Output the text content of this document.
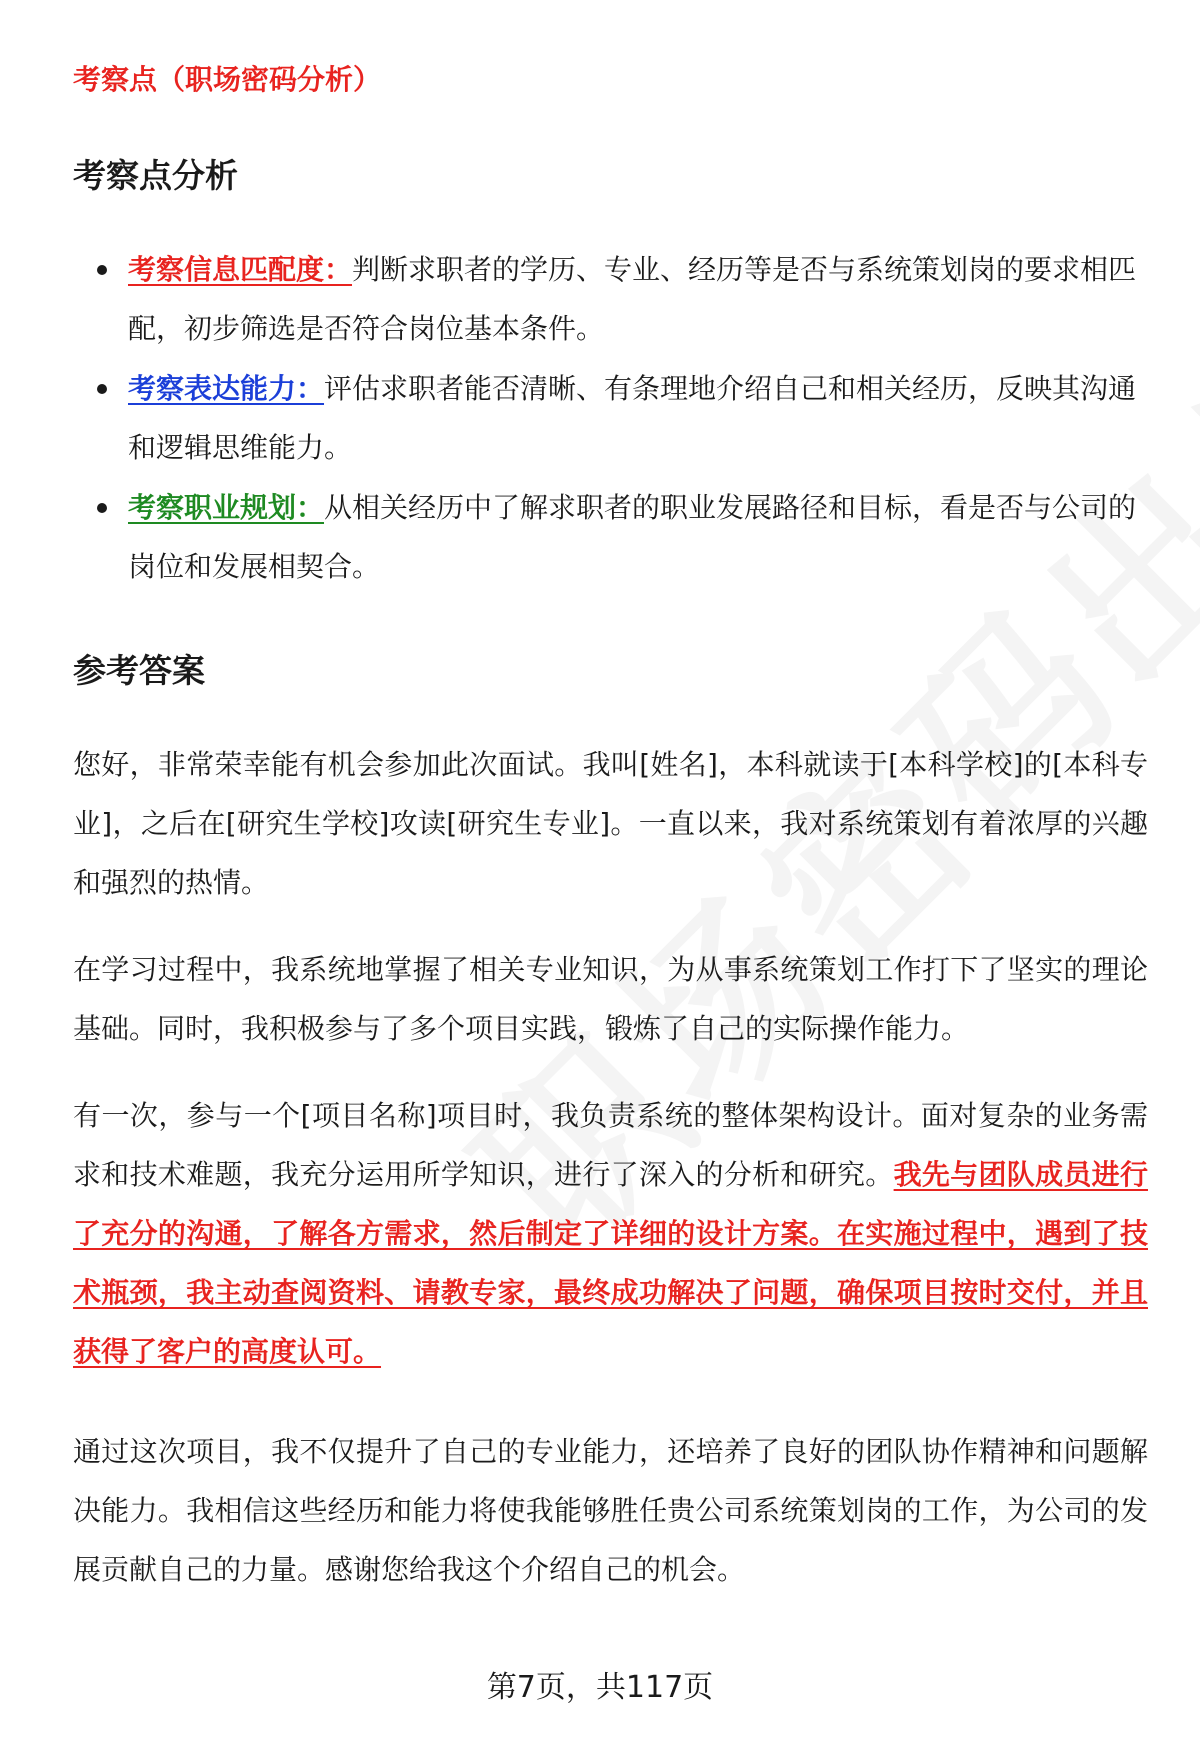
考察点（职场密码分析）
考察点分析
考察信息匹配度：判断求职者的学历、专业、经历等是否与系统策划岗的要求相匹配，初步筛选是否符合岗位基本条件。
考察表达能力：评估求职者能否清晰、有条理地介绍自己和相关经历，反映其沟通和逻辑思维能力。
考察职业规划：从相关经历中了解求职者的职业发展路径和目标，看是否与公司的岗位和发展相契合。
参考答案

您好，非常荣幸能有机会参加此次面试。我叫[姓名]，本科就读于[本科学校]的[本科专业]，之后在[研究生学校]攻读[研究生专业]。一直以来，我对系统策划有着浓厚的兴趣和强烈的热情。

在学习过程中，我系统地掌握了相关专业知识，为从事系统策划工作打下了坚实的理论基础。同时，我积极参与了多个项目实践，锻炼了自己的实际操作能力。

有一次，参与一个[项目名称]项目时，我负责系统的整体架构设计。面对复杂的业务需求和技术难题，我充分运用所学知识，进行了深入的分析和研究。我先与团队成员进行了充分的沟通，了解各方需求，然后制定了详细的设计方案。在实施过程中，遇到了技术瓶颈，我主动查阅资料、请教专家，最终成功解决了问题，确保项目按时交付，并且获得了客户的高度认可。

通过这次项目，我不仅提升了自己的专业能力，还培养了良好的团队协作精神和问题解决能力。我相信这些经历和能力将使我能够胜任贵公司系统策划岗的工作，为公司的发展贡献自己的力量。感谢您给我这个介绍自己的机会。

第7页，共117页
